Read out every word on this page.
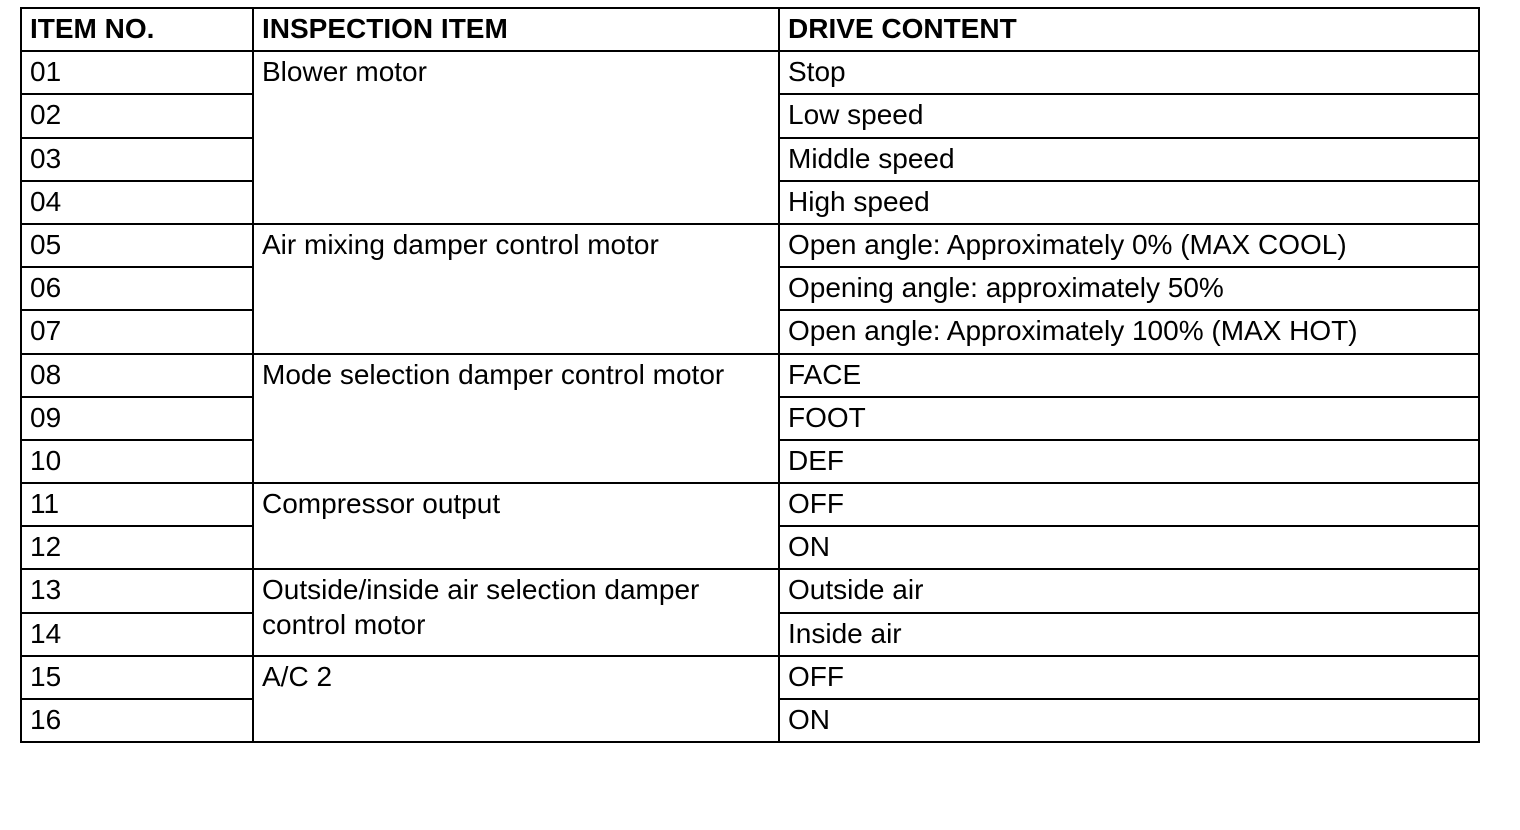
ITEM NO.	INSPECTION ITEM	DRIVE CONTENT
01	Blower motor	Stop
02		Low speed
03		Middle speed
04		High speed
05	Air mixing damper control motor	Open angle: Approximately 0% (MAX COOL)
06		Opening angle: approximately 50%
07		Open angle: Approximately 100% (MAX HOT)
08	Mode selection damper control motor	FACE
09		FOOT
10		DEF
11	Compressor output	OFF
12		ON
13	Outside/inside air selection damper control motor	Outside air
14		Inside air
15	A/C 2	OFF
16		ON
